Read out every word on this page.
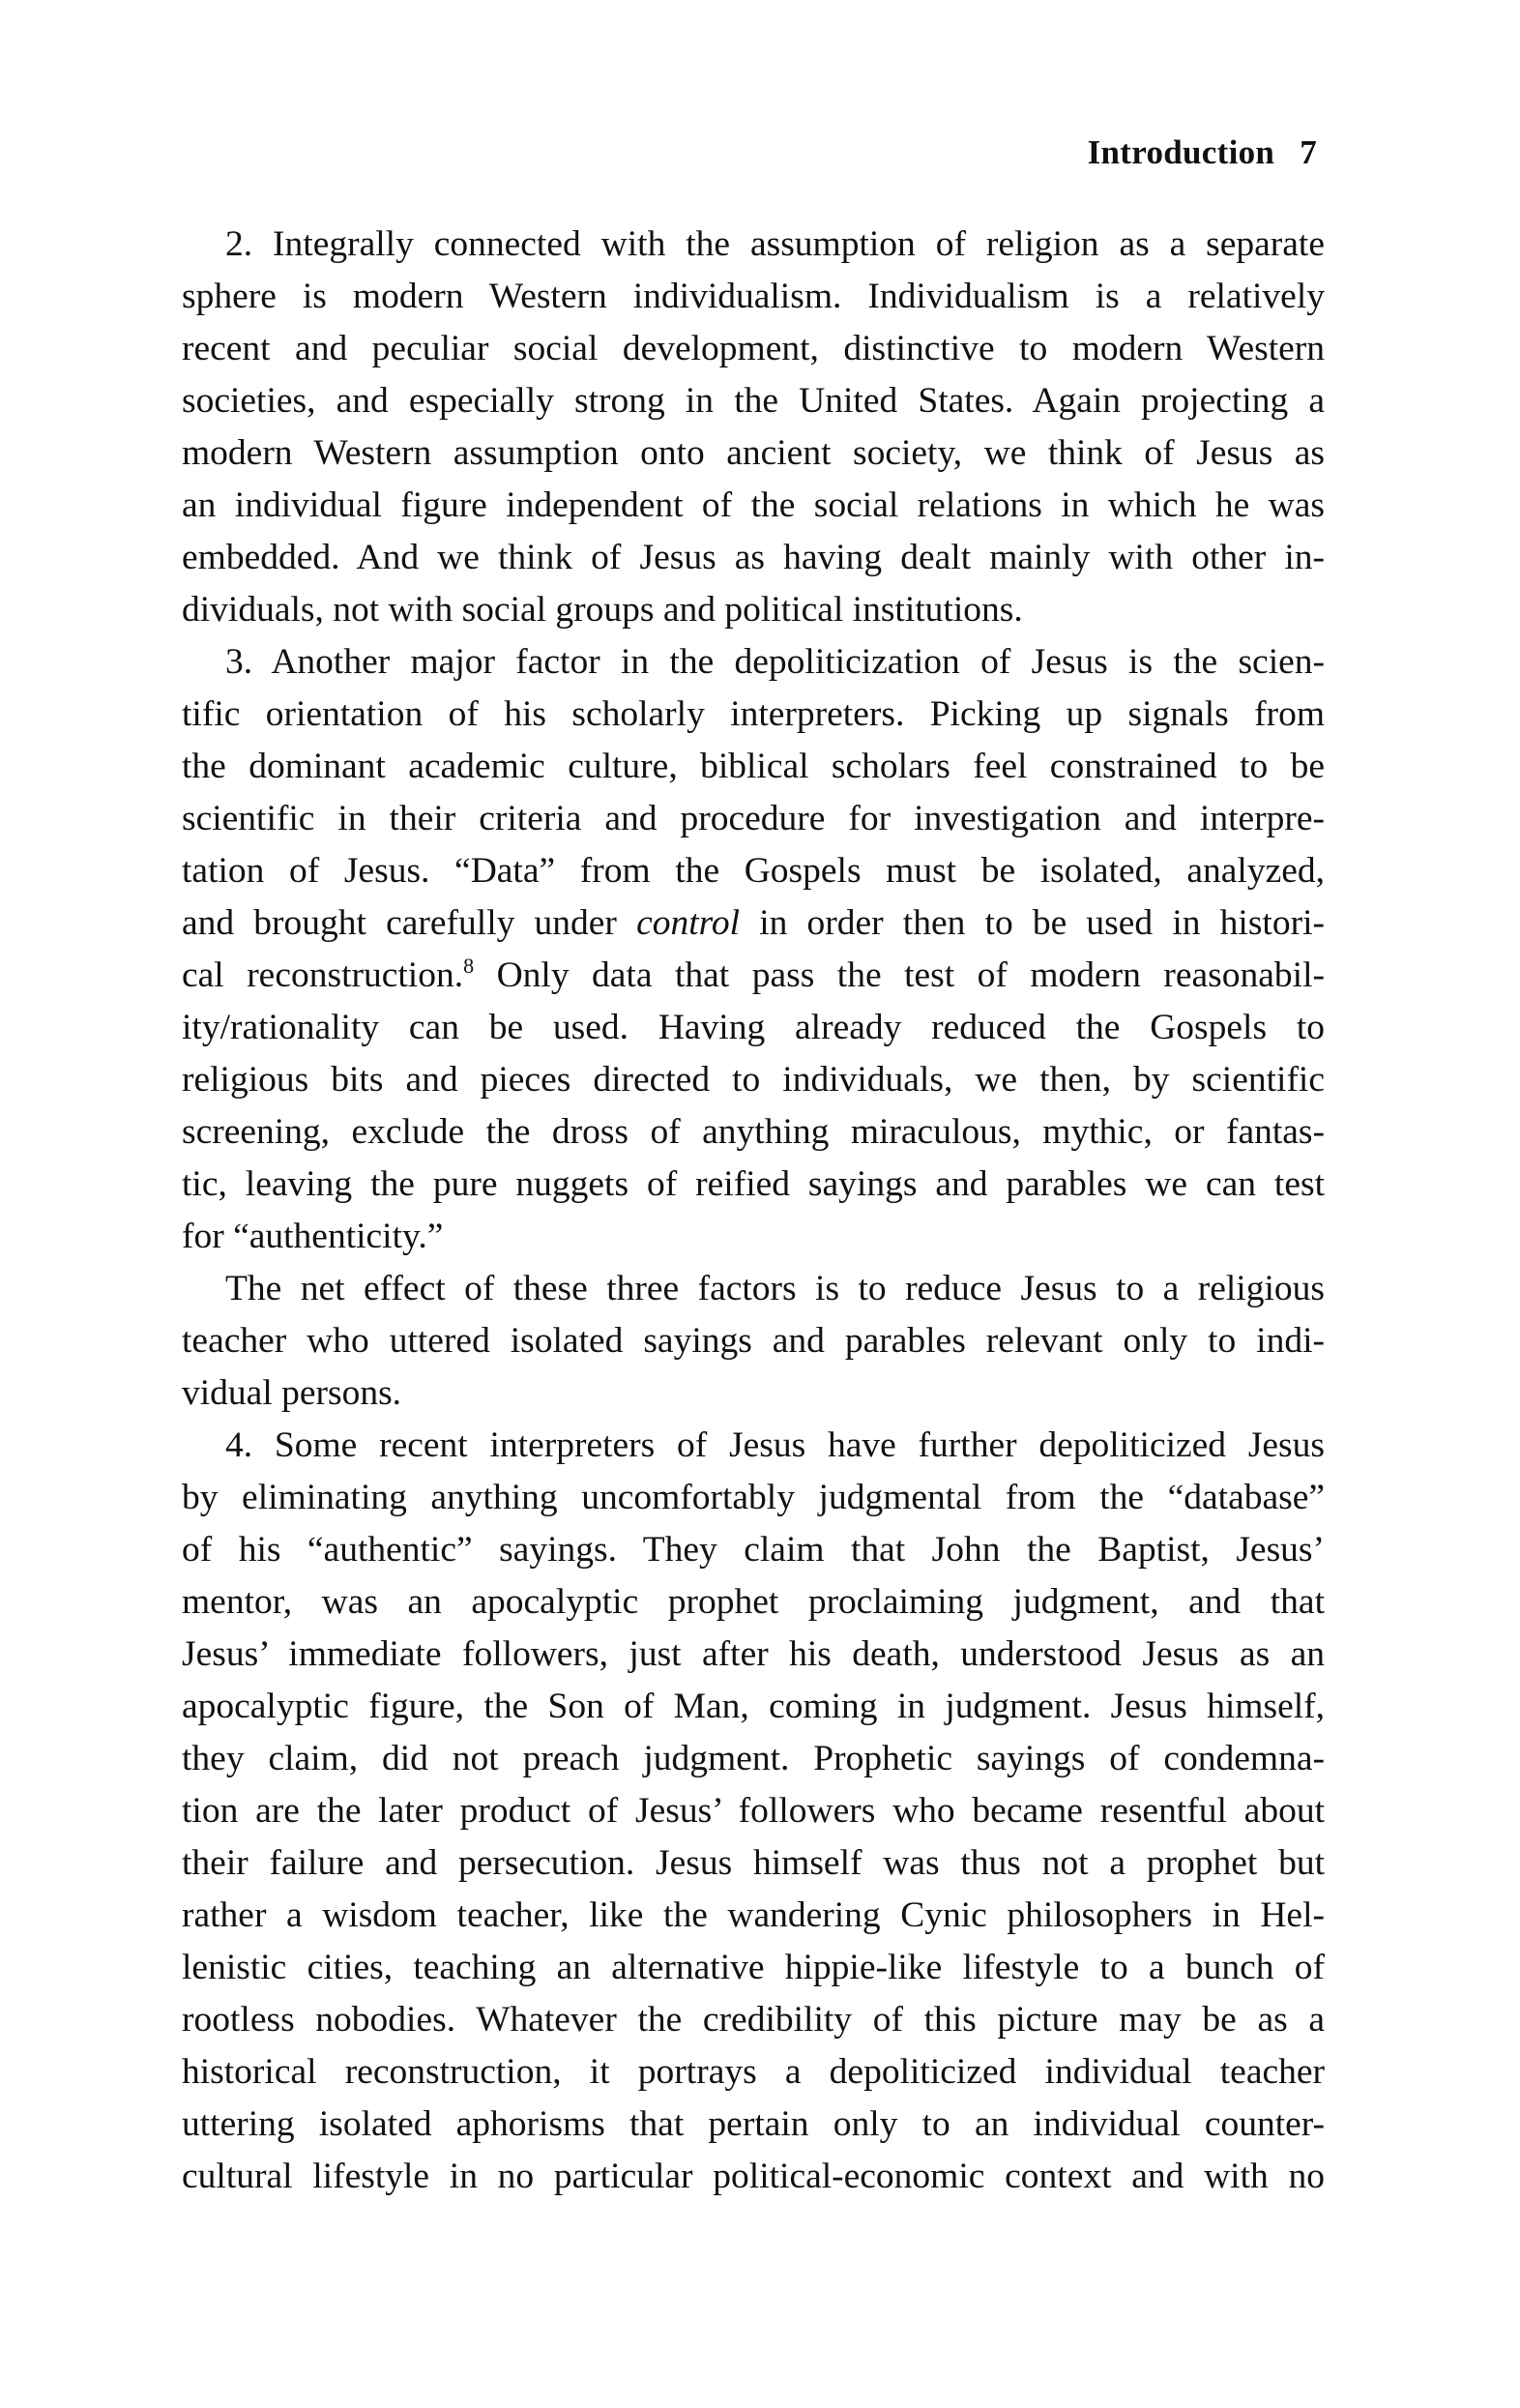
Introduction 7
2. Integrally connected with the assumption of religion as a separate
sphere is modern Western individualism. Individualism is a relatively
recent and peculiar social development, distinctive to modern Western
societies, and especially strong in the United States. Again projecting a
modern Western assumption onto ancient society, we think of Jesus as
an individual figure independent of the social relations in which he was
embedded. And we think of Jesus as having dealt mainly with other in-
dividuals, not with social groups and political institutions.
3. Another major factor in the depoliticization of Jesus is the scien-
tific orientation of his scholarly interpreters. Picking up signals from
the dominant academic culture, biblical scholars feel constrained to be
scientific in their criteria and procedure for investigation and interpre-
tation of Jesus. “Data” from the Gospels must be isolated, analyzed,
and brought carefully under control in order then to be used in histori-
cal reconstruction.$^8$ Only data that pass the test of modern reasonabil-
ity/rationality can be used. Having already reduced the Gospels to
religious bits and pieces directed to individuals, we then, by scientific
screening, exclude the dross of anything miraculous, mythic, or fantas-
tic, leaving the pure nuggets of reified sayings and parables we can test
for “authenticity.”
The net effect of these three factors is to reduce Jesus to a religious
teacher who uttered isolated sayings and parables relevant only to indi-
vidual persons.
4. Some recent interpreters of Jesus have further depoliticized Jesus
by eliminating anything uncomfortably judgmental from the “database”
of his “authentic” sayings. They claim that John the Baptist, Jesus’
mentor, was an apocalyptic prophet proclaiming judgment, and that
Jesus’ immediate followers, just after his death, understood Jesus as an
apocalyptic figure, the Son of Man, coming in judgment. Jesus himself,
they claim, did not preach judgment. Prophetic sayings of condemna-
tion are the later product of Jesus’ followers who became resentful about
their failure and persecution. Jesus himself was thus not a prophet but
rather a wisdom teacher, like the wandering Cynic philosophers in Hel-
lenistic cities, teaching an alternative hippie-like lifestyle to a bunch of
rootless nobodies. Whatever the credibility of this picture may be as a
historical reconstruction, it portrays a depoliticized individual teacher
uttering isolated aphorisms that pertain only to an individual counter-
cultural lifestyle in no particular political-economic context and with no
